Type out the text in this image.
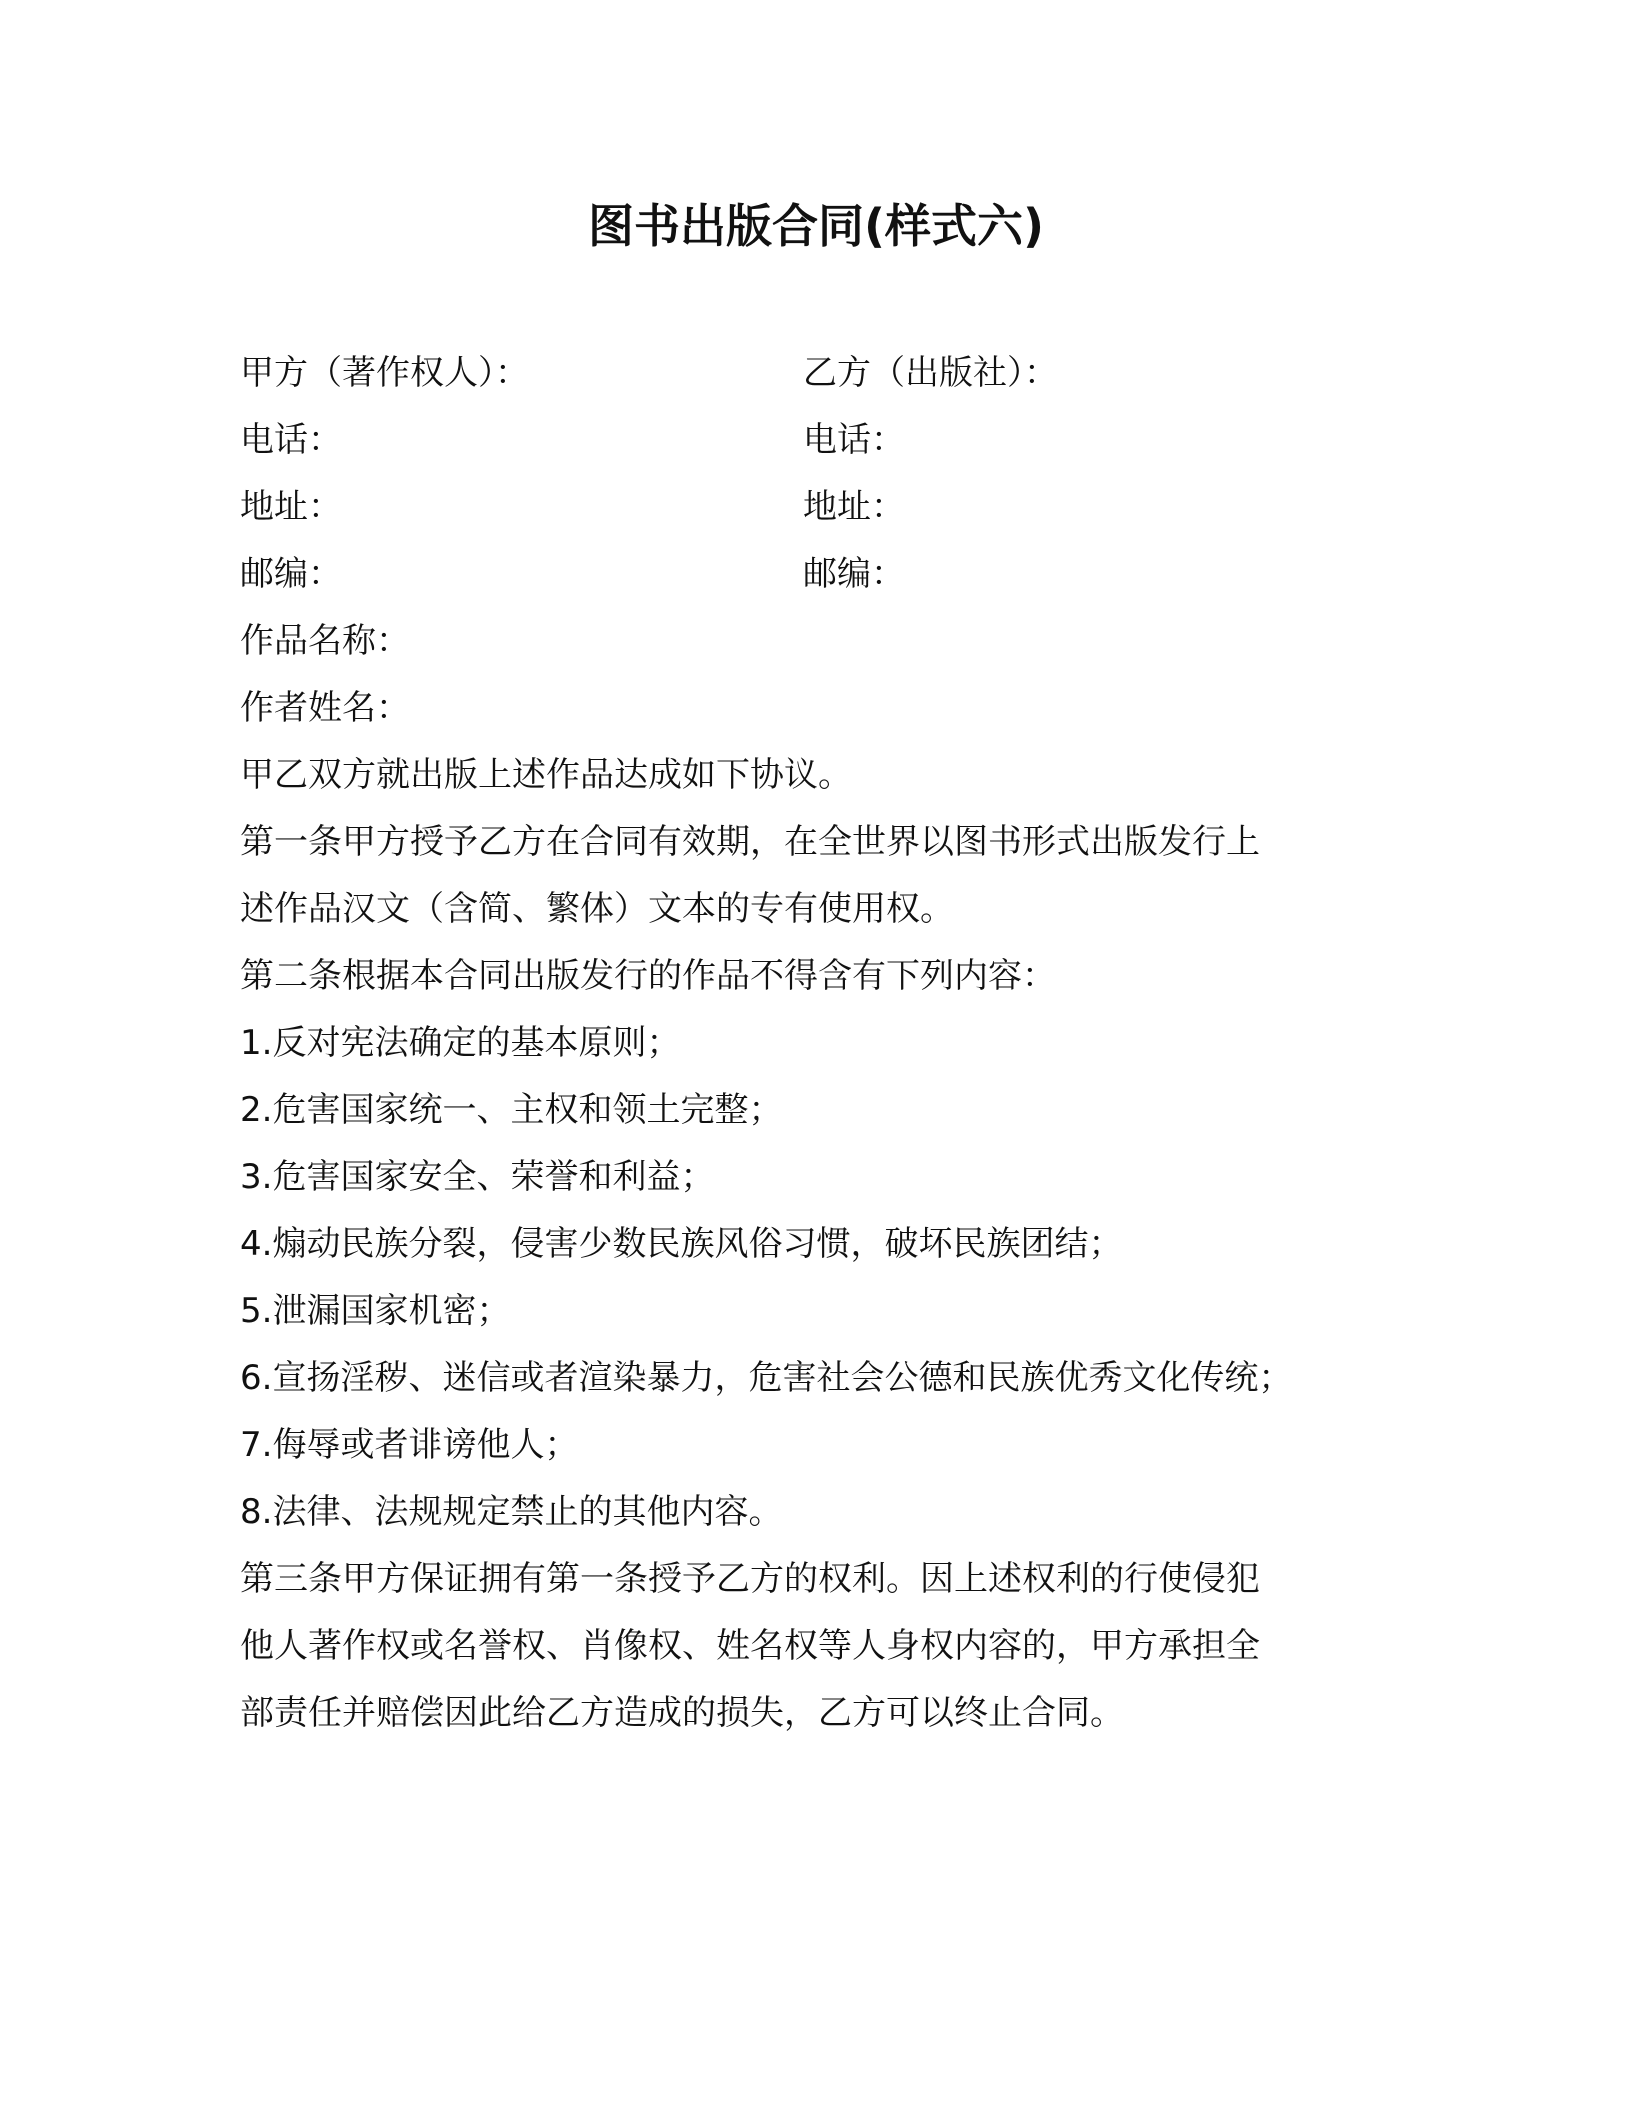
图书出版合同(样式六)
甲方（著作权人）：	乙方（出版社）：
电话：	电话：
地址：	地址：
邮编：	邮编：
作品名称：
作者姓名：
甲乙双方就出版上述作品达成如下协议。
第一条甲方授予乙方在合同有效期，在全世界以图书形式出版发行上
述作品汉文（含简、繁体）文本的专有使用权。
第二条根据本合同出版发行的作品不得含有下列内容：
1.反对宪法确定的基本原则；
2.危害国家统一、主权和领土完整；
3.危害国家安全、荣誉和利益；
4.煽动民族分裂，侵害少数民族风俗习惯，破坏民族团结；
5.泄漏国家机密；
6.宣扬淫秽、迷信或者渲染暴力，危害社会公德和民族优秀文化传统；
7.侮辱或者诽谤他人；
8.法律、法规规定禁止的其他内容。
第三条甲方保证拥有第一条授予乙方的权利。因上述权利的行使侵犯
他人著作权或名誉权、肖像权、姓名权等人身权内容的，甲方承担全
部责任并赔偿因此给乙方造成的损失，乙方可以终止合同。
